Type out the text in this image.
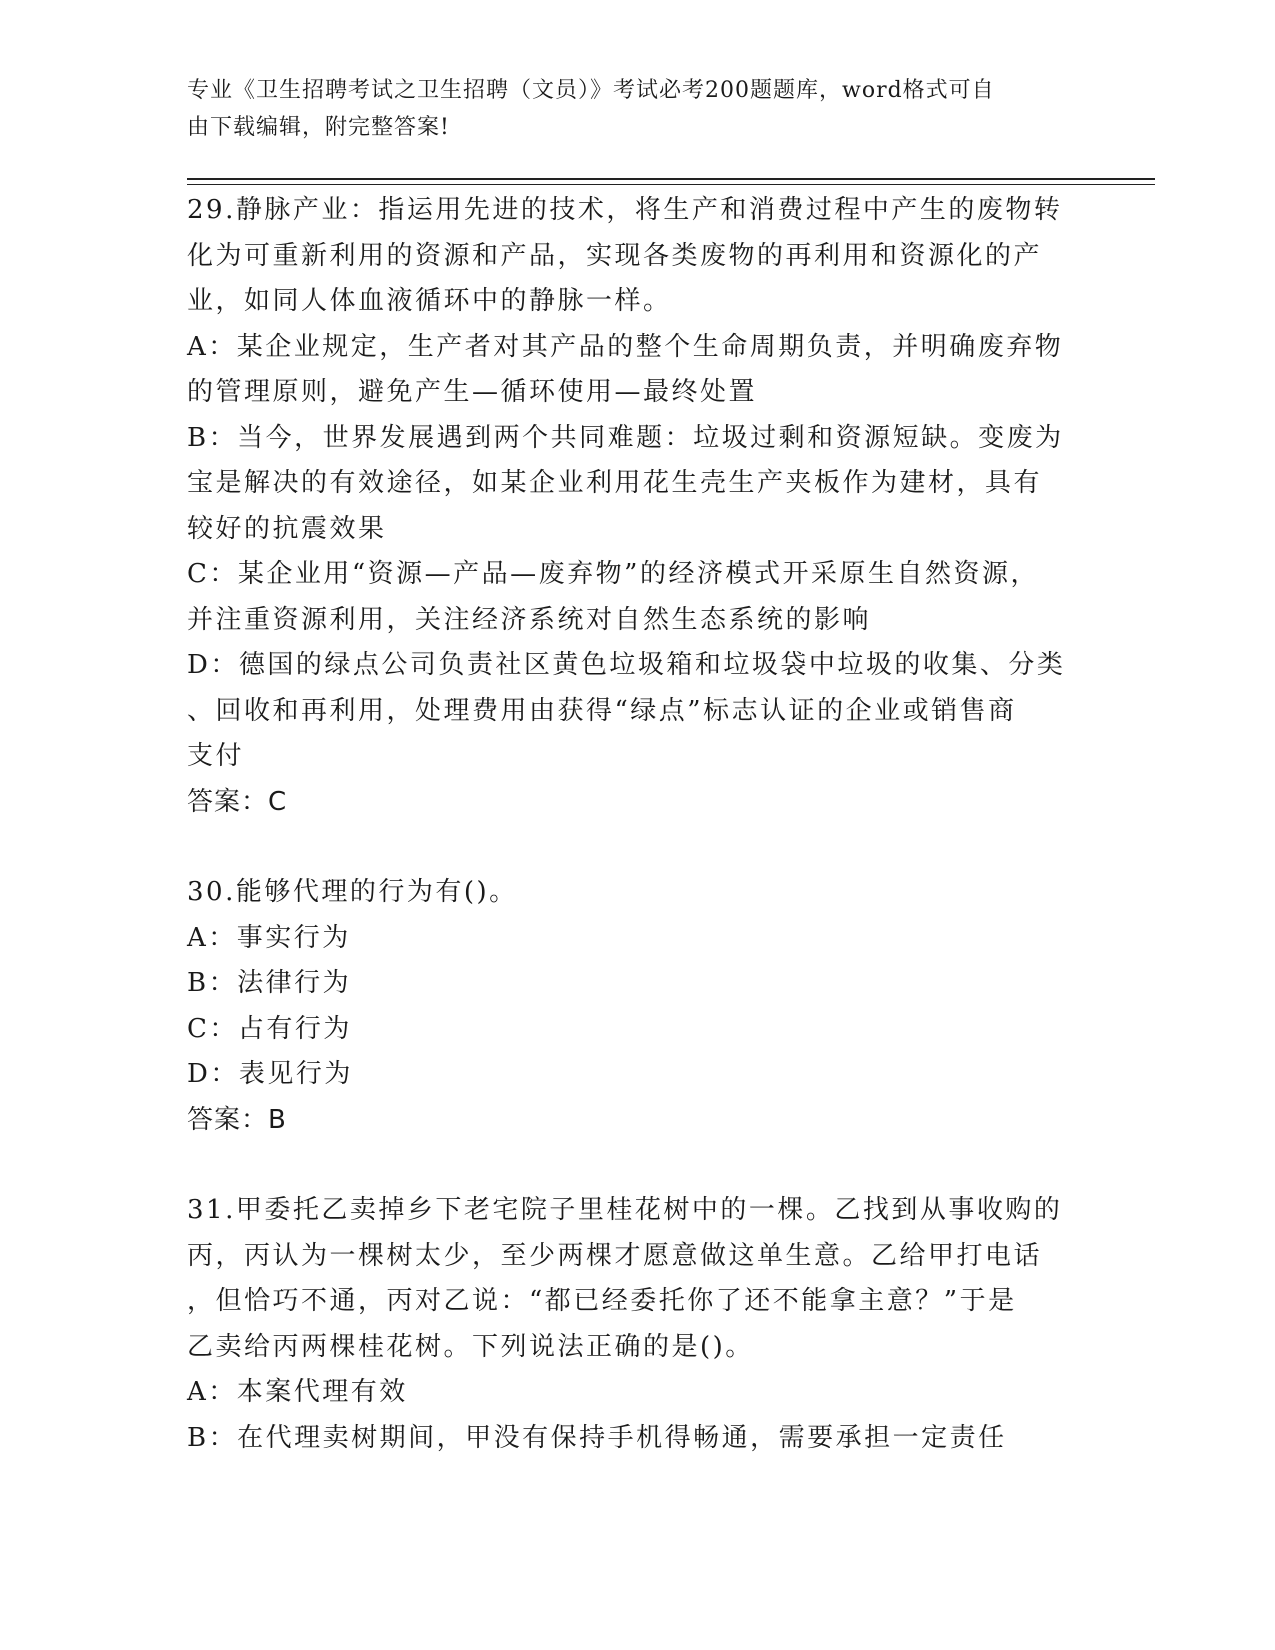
专业《卫生招聘考试之卫生招聘（文员）》考试必考200题题库，word格式可自
由下载编辑，附完整答案!
29.静脉产业：指运用先进的技术，将生产和消费过程中产生的废物转
化为可重新利用的资源和产品，实现各类废物的再利用和资源化的产
业，如同人体血液循环中的静脉一样。
A：某企业规定，生产者对其产品的整个生命周期负责，并明确废弃物
的管理原则，避免产生—循环使用—最终处置
B：当今，世界发展遇到两个共同难题：垃圾过剩和资源短缺。变废为
宝是解决的有效途径，如某企业利用花生壳生产夹板作为建材，具有
较好的抗震效果
C：某企业用“资源—产品—废弃物”的经济模式开采原生自然资源，
并注重资源利用，关注经济系统对自然生态系统的影响
D：德国的绿点公司负责社区黄色垃圾箱和垃圾袋中垃圾的收集、分类
、回收和再利用，处理费用由获得“绿点”标志认证的企业或销售商
支付
答案：C
30.能够代理的行为有()。
A：事实行为
B：法律行为
C：占有行为
D：表见行为
答案：B
31.甲委托乙卖掉乡下老宅院子里桂花树中的一棵。乙找到从事收购的
丙，丙认为一棵树太少，至少两棵才愿意做这单生意。乙给甲打电话
，但恰巧不通，丙对乙说：“都已经委托你了还不能拿主意？”于是
乙卖给丙两棵桂花树。下列说法正确的是()。
A：本案代理有效
B：在代理卖树期间，甲没有保持手机得畅通，需要承担一定责任
